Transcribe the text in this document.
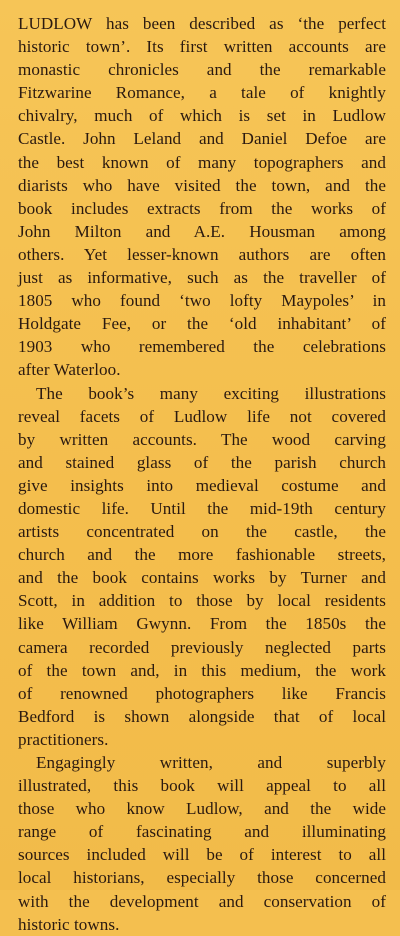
LUDLOW has been described as ‘the perfect
historic town’. Its first written accounts are
monastic chronicles and the remarkable
Fitzwarine Romance, a tale of knightly
chivalry, much of which is set in Ludlow
Castle. John Leland and Daniel Defoe are
the best known of many topographers and
diarists who have visited the town, and the
book includes extracts from the works of
John Milton and A.E. Housman among
others. Yet lesser-known authors are often
just as informative, such as the traveller of
1805 who found ‘two lofty Maypoles’ in
Holdgate Fee, or the ‘old inhabitant’ of
1903 who remembered the celebrations
after Waterloo.
The book’s many exciting illustrations
reveal facets of Ludlow life not covered
by written accounts. The wood carving
and stained glass of the parish church
give insights into medieval costume and
domestic life. Until the mid-19th century
artists concentrated on the castle, the
church and the more fashionable streets,
and the book contains works by Turner and
Scott, in addition to those by local residents
like William Gwynn. From the 1850s the
camera recorded previously neglected parts
of the town and, in this medium, the work
of renowned photographers like Francis
Bedford is shown alongside that of local
practitioners.
Engagingly written, and superbly
illustrated, this book will appeal to all
those who know Ludlow, and the wide
range of fascinating and illuminating
sources included will be of interest to all
local historians, especially those concerned
with the development and conservation of
historic towns.
